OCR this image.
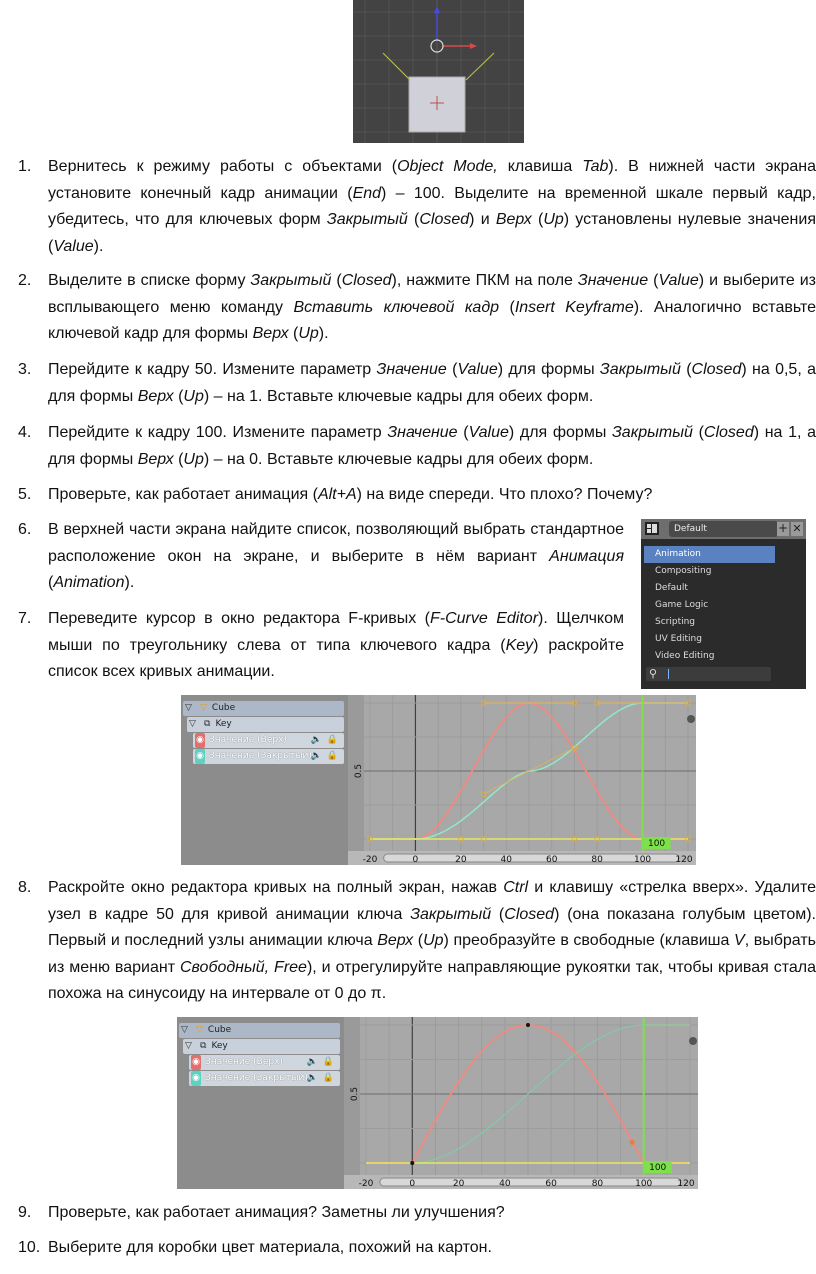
1.	Вернитесь к режиму работы с объектами (Object Mode, клавиша Tab). В нижней части экрана установите конечный кадр анимации (End) – 100. Выделите на временной шкале первый кадр, убедитесь, что для ключевых форм Закрытый (Closed) и Верх (Up) установлены нулевые значения (Value).
2.	Выделите в списке форму Закрытый (Closed), нажмите ПКМ на поле Значение (Value) и выберите из всплывающего меню команду Вставить ключевой кадр (Insert Keyframe). Аналогично вставьте ключевой кадр для формы Верх (Up).
3.	Перейдите к кадру 50. Измените параметр Значение (Value) для формы Закрытый (Closed) на 0,5, а для формы Верх (Up) – на 1. Вставьте ключевые кадры для обеих форм.
4.	Перейдите к кадру 100. Измените параметр Значение (Value) для формы Закрытый (Closed) на 1, а для формы Верх (Up) – на 0. Вставьте ключевые кадры для обеих форм.
5.	Проверьте, как работает анимация (Alt+A) на виде спереди. Что плохо? Почему?
6.	В верхней части экрана найдите список, позволяющий выбрать стандартное расположение окон на экране, и выберите в нём вариант Анимация (Animation).
7.	Переведите курсор в окно редактора F-кривых (F-Curve Editor). Щелчком мыши по треугольнику слева от типа ключевого кадра (Key) раскройте список всех кривых анимации.
8.	Раскройте окно редактора кривых на полный экран, нажав Ctrl и клавишу «стрелка вверх». Удалите узел в кадре 50 для кривой анимации ключа Закрытый (Closed) (она показана голубым цветом). Первый и последний узлы анимации ключа Верх (Up) преобразуйте в свободные (клавиша V, выбрать из меню вариант Свободный, Free), и отрегулируйте направляющие рукоятки так, чтобы кривая стала похожа на синусоиду на интервале от 0 до π.
9.	Проверьте, как работает анимация? Заметны ли улучшения?
10. Выберите для коробки цвет материала, похожий на картон.
Default	+ ✕
Animation
Compositing
Default
Game Logic
Scripting
UV Editing
Video Editing
⚲
▽ ▽ Cube
▽ ⧉ Key
◉ Значение (Верх)	🔈 🔒
◉ Значение (Закрытый)
🔈 🔒
0.5
100
-20	0	20	40	60	80	100	120
▽ ▽ Cube
▽ ⧉ Key
◉ Значение (Верх)	🔈 🔒
◉ Значение (Закрытый)
🔈 🔒
0.5
100
-20	0	20	40	60	80	100	120
